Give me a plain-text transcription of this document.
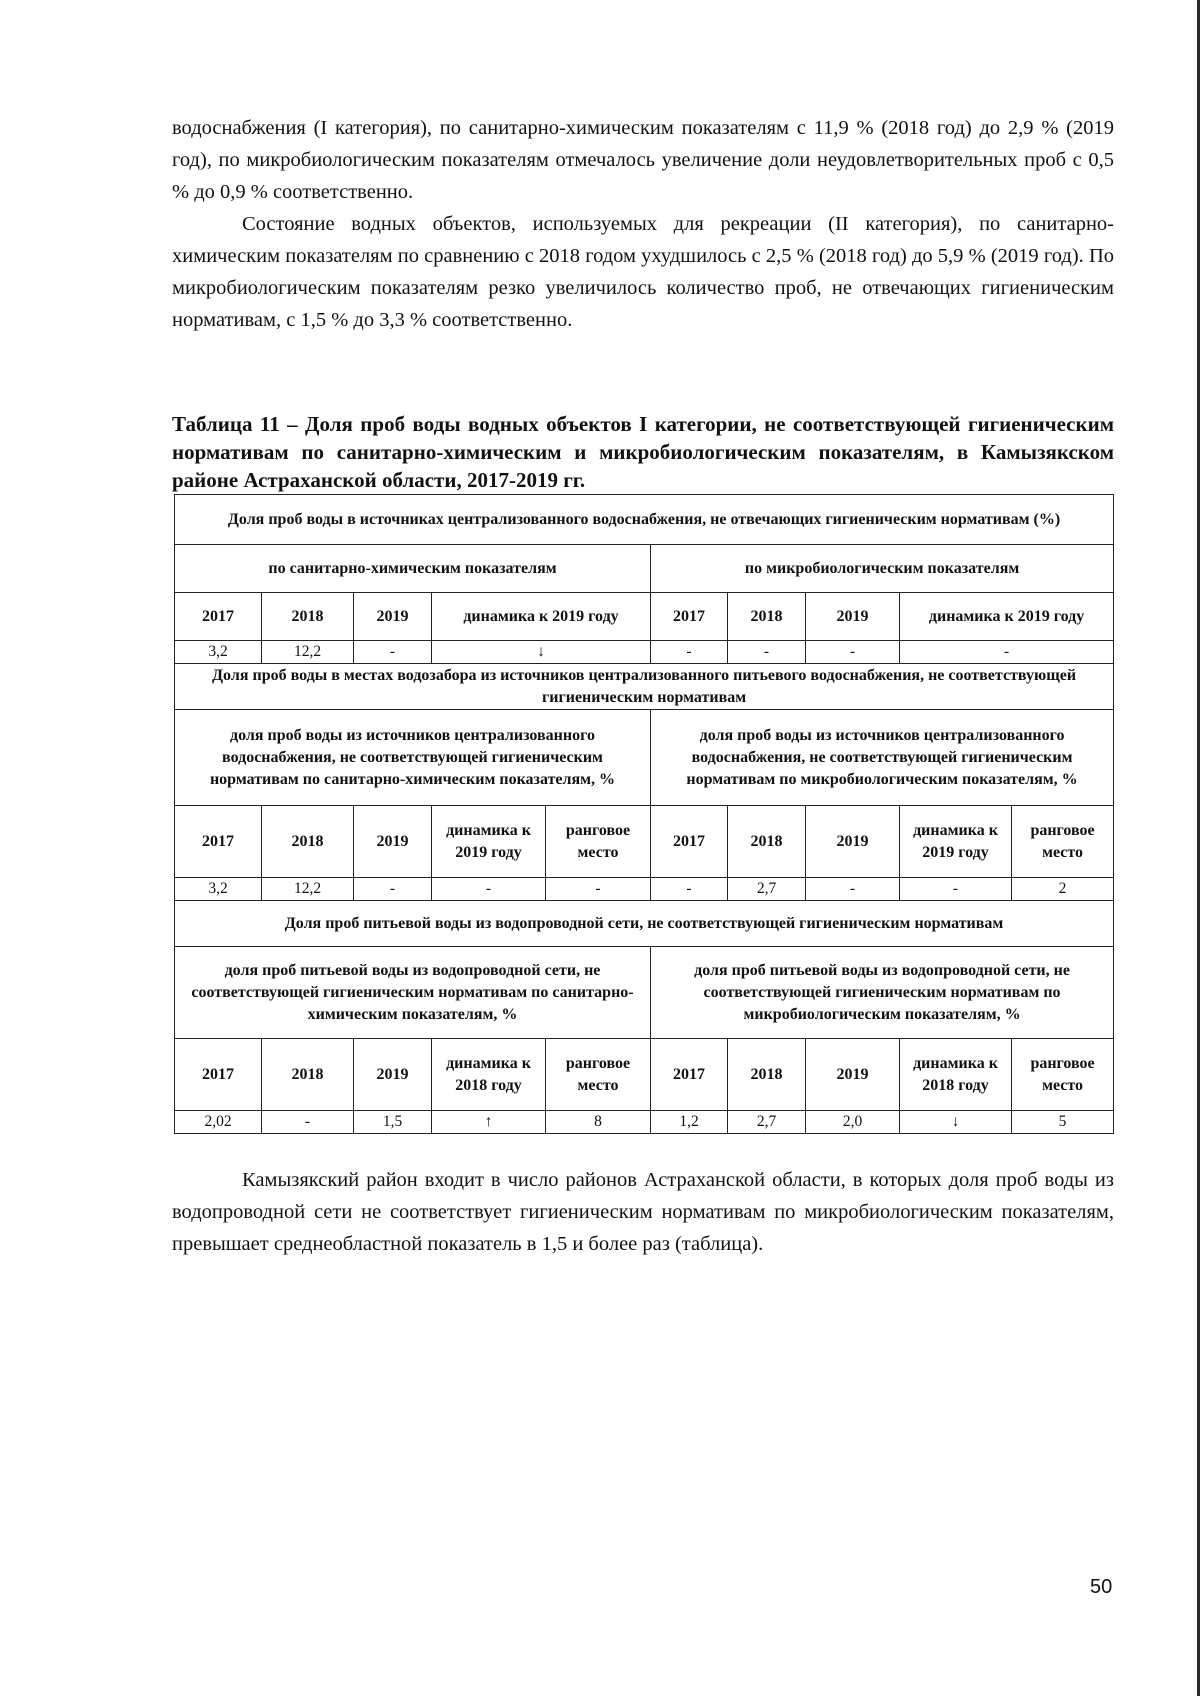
водоснабжения (I категория), по санитарно-химическим показателям с 11,9 % (2018 год) до 2,9 % (2019 год), по микробиологическим показателям отмечалось увеличение доли неудовлетворительных проб с 0,5 % до 0,9 % соответственно.

Состояние водных объектов, используемых для рекреации (II категория), по санитарно-химическим показателям по сравнению с 2018 годом ухудшилось с 2,5 % (2018 год) до 5,9 % (2019 год). По микробиологическим показателям резко увеличилось количество проб, не отвечающих гигиеническим нормативам, с 1,5 % до 3,3 % соответственно.

Таблица 11 – Доля проб воды водных объектов I категории, не соответствующей гигиеническим нормативам по санитарно-химическим и микробиологическим показателям, в Камызякском районе Астраханской области, 2017-2019 гг.
Доля проб воды в источниках централизованного водоснабжения, не отвечающих гигиеническим нормативам (%)									
по санитарно-химическим показателям					по микробиологическим показателям				
2017	2018	2019	динамика к 2019 году		2017	2018	2019	динамика к 2019 году	
3,2	12,2	-	↓		-	-	-	-	
Доля проб воды в местах водозабора из источников централизованного питьевого водоснабжения, не соответствующей гигиеническим нормативам									
доля проб воды из источников централизованного водоснабжения, не соответствующей гигиеническим нормативам по санитарно-химическим показателям, %					доля проб воды из источников централизованного водоснабжения, не соответствующей гигиеническим нормативам по микробиологическим показателям, %				
2017	2018	2019	динамика к 2019 году	ранговое место	2017	2018	2019	динамика к 2019 году	ранговое место
3,2	12,2	-	-	-	-	2,7	-	-	2
Доля проб питьевой воды из водопроводной сети, не соответствующей гигиеническим нормативам									
доля проб питьевой воды из водопроводной сети, не соответствующей гигиеническим нормативам по санитарно-химическим показателям, %					доля проб питьевой воды из водопроводной сети, не соответствующей гигиеническим нормативам по микробиологическим показателям, %				
2017	2018	2019	динамика к 2018 году	ранговое место	2017	2018	2019	динамика к 2018 году	ранговое место
2,02	-	1,5	↑	8	1,2	2,7	2,0	↓	5

Камызякский район входит в число районов Астраханской области, в которых доля проб воды из водопроводной сети не соответствует гигиеническим нормативам по микробиологическим показателям, превышает среднеобластной показатель в 1,5 и более раз (таблица).

50
